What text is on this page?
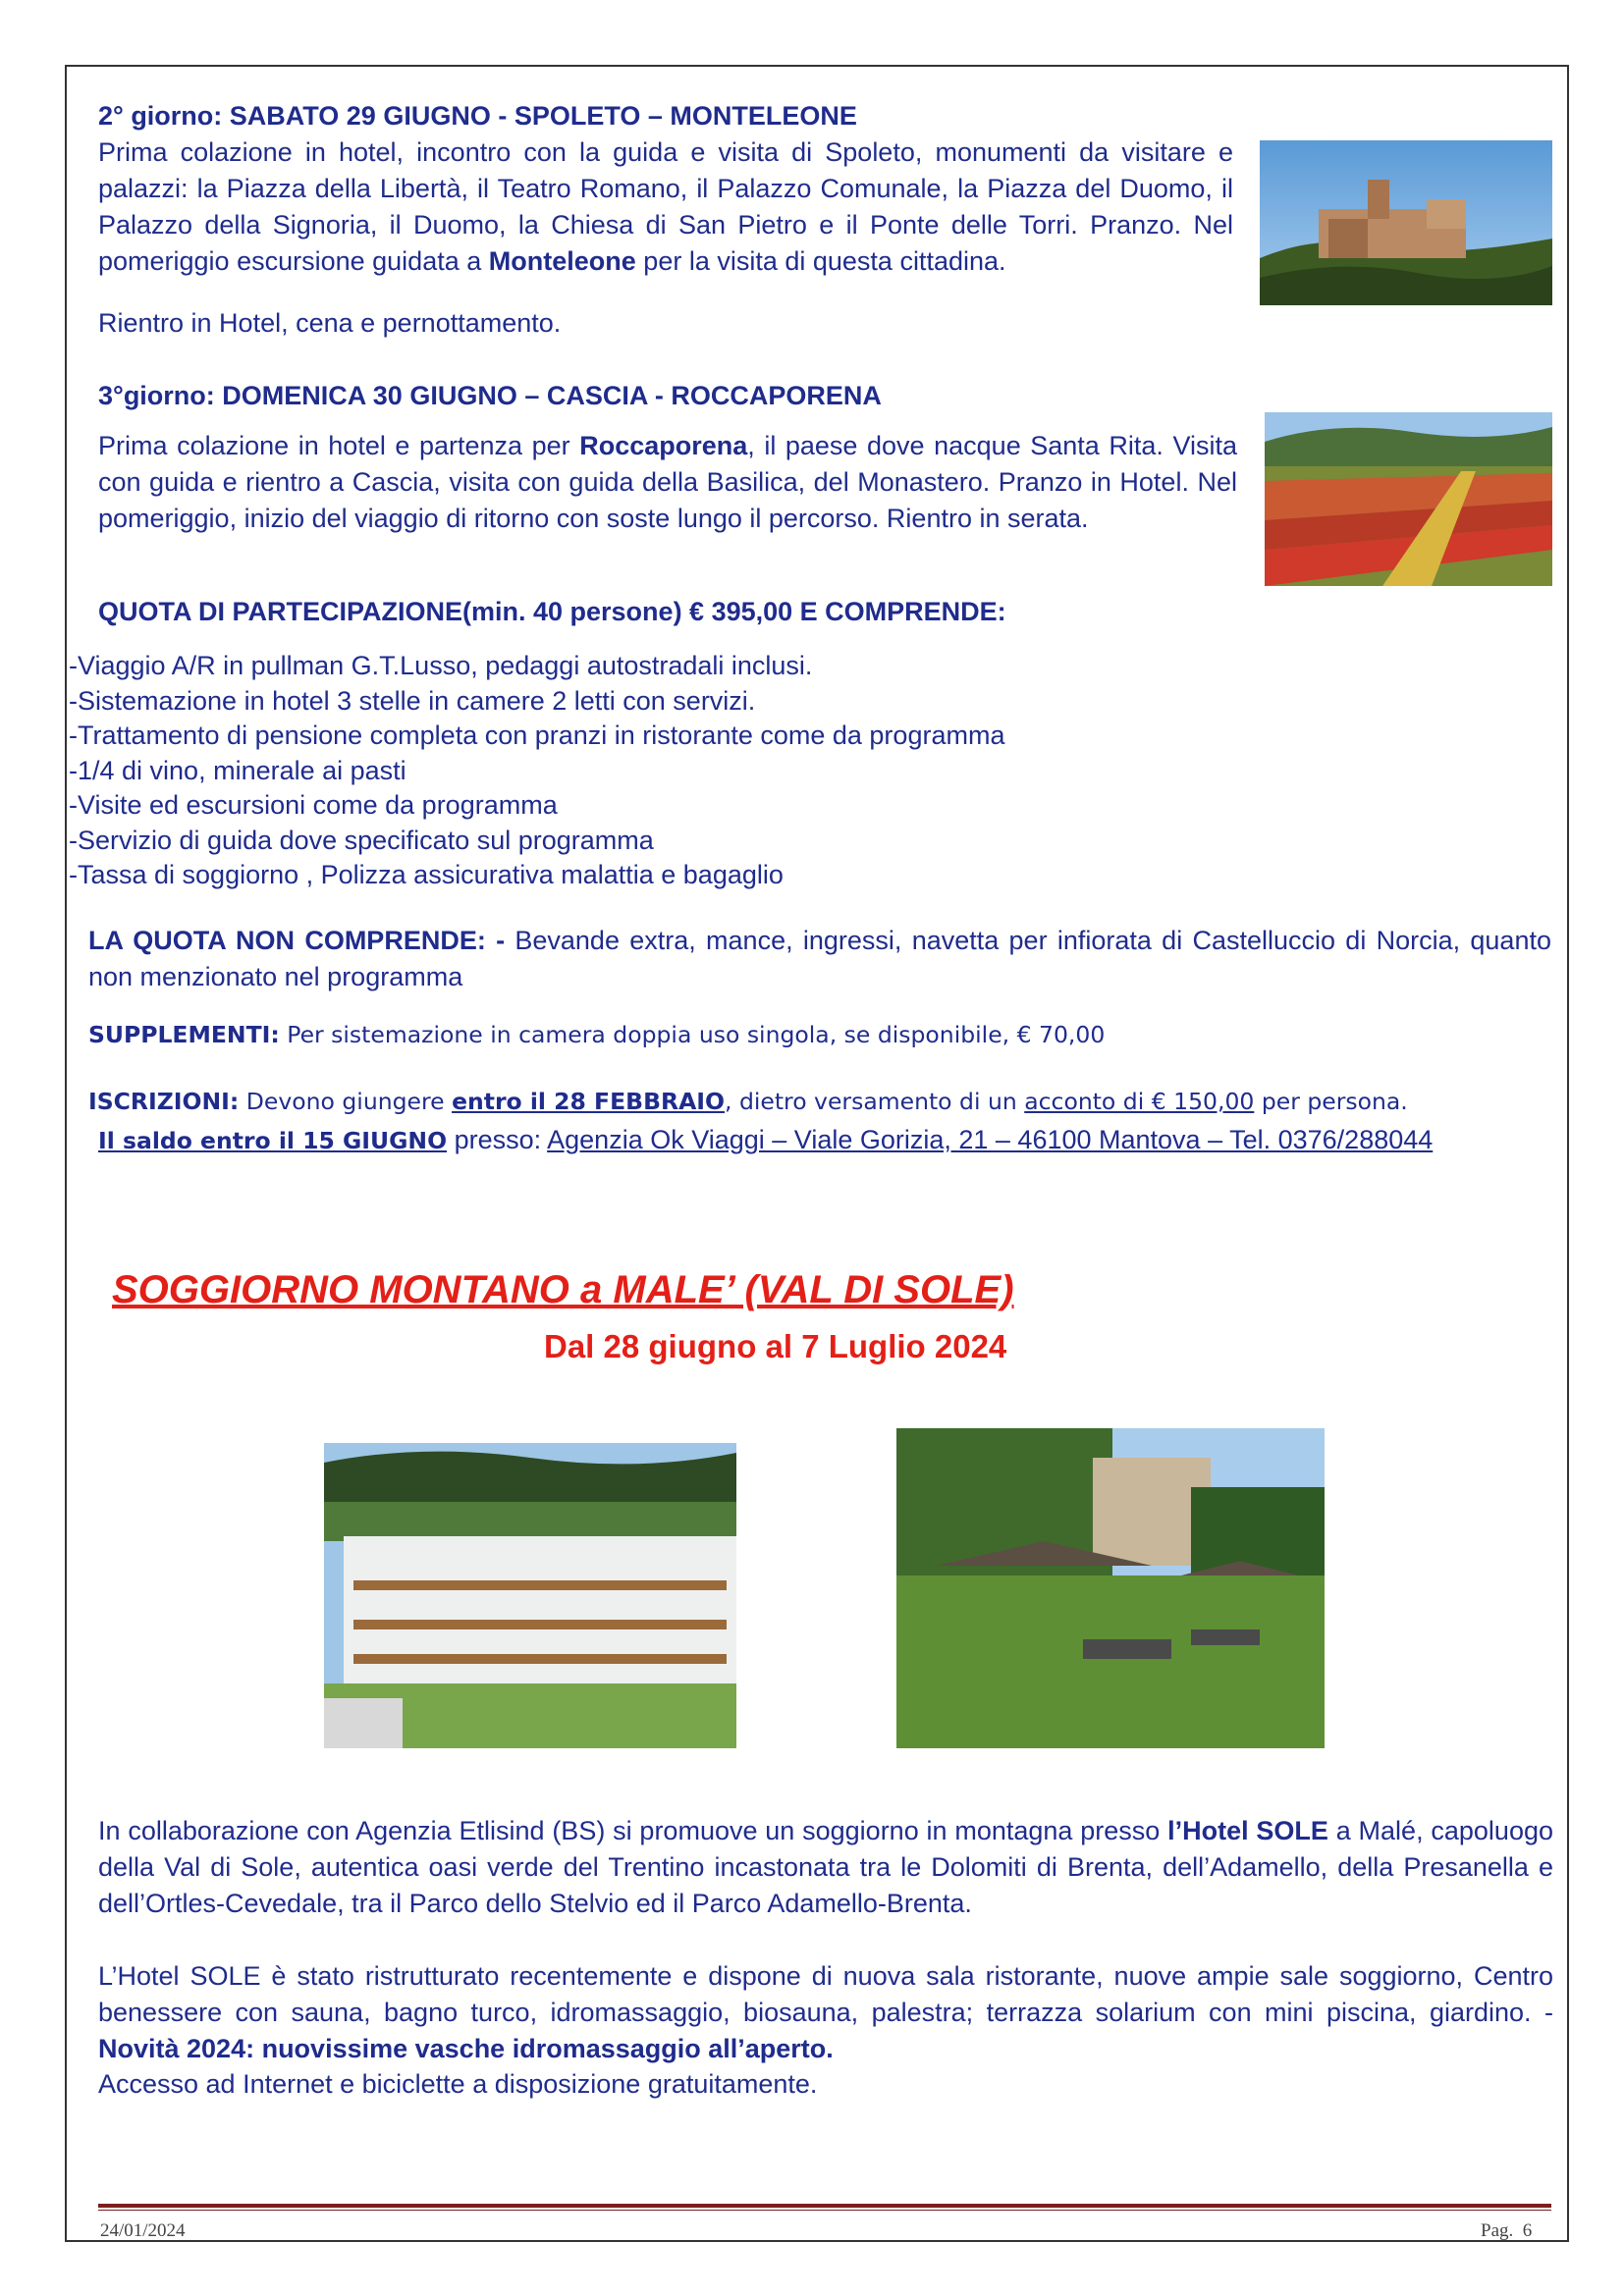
2° giorno: SABATO 29 GIUGNO - SPOLETO – MONTELEONE
Prima colazione in hotel, incontro con la guida e visita di Spoleto, monumenti da visitare e palazzi: la Piazza della Libertà, il Teatro Romano, il Palazzo Comunale, la Piazza del Duomo, il Palazzo della Signoria, il Duomo, la Chiesa di San Pietro e il Ponte delle Torri. Pranzo. Nel pomeriggio escursione guidata a Monteleone per la visita di questa cittadina.
Rientro in Hotel, cena e pernottamento.
3°giorno: DOMENICA 30 GIUGNO – CASCIA - ROCCAPORENA
Prima colazione in hotel e partenza per Roccaporena, il paese dove nacque Santa Rita. Visita con guida e rientro a Cascia, visita con guida della Basilica, del Monastero. Pranzo in Hotel. Nel pomeriggio, inizio del viaggio di ritorno con soste lungo il percorso. Rientro in serata.
QUOTA DI PARTECIPAZIONE(min. 40 persone) € 395,00 E COMPRENDE:
-Viaggio A/R in pullman G.T.Lusso, pedaggi autostradali inclusi.
-Sistemazione in hotel 3 stelle in camere 2 letti con servizi.
-Trattamento di pensione completa con pranzi in ristorante come da programma
-1/4 di vino, minerale ai pasti
-Visite ed escursioni come da programma
-Servizio di guida dove specificato sul programma
-Tassa di soggiorno , Polizza assicurativa malattia e bagaglio
LA QUOTA NON COMPRENDE: - Bevande extra, mance, ingressi, navetta per infiorata di Castelluccio di Norcia, quanto non menzionato nel programma
SUPPLEMENTI: Per sistemazione in camera doppia uso singola, se disponibile, € 70,00
ISCRIZIONI: Devono giungere entro il 28 FEBBRAIO, dietro versamento di un acconto di € 150,00 per persona.
Il saldo entro il 15 GIUGNO presso: Agenzia Ok Viaggi – Viale Gorizia, 21 – 46100 Mantova – Tel. 0376/288044
SOGGIORNO MONTANO a MALE’ (VAL DI SOLE)
Dal 28 giugno al 7 Luglio 2024
In collaborazione con Agenzia Etlisind (BS) si promuove un soggiorno in montagna presso l’Hotel SOLE a Malé, capoluogo della Val di Sole, autentica oasi verde del Trentino incastonata tra le Dolomiti di Brenta, dell’Adamello, della Presanella e dell’Ortles-Cevedale, tra il Parco dello Stelvio ed il Parco Adamello-Brenta.
L’Hotel SOLE è stato ristrutturato recentemente e dispone di nuova sala ristorante, nuove ampie sale soggiorno, Centro benessere con sauna, bagno turco, idromassaggio, biosauna, palestra; terrazza solarium con mini piscina, giardino. - Novità 2024: nuovissime vasche idromassaggio all’aperto.
Accesso ad Internet e biciclette a disposizione gratuitamente.
24/01/2024	Pag.  6
